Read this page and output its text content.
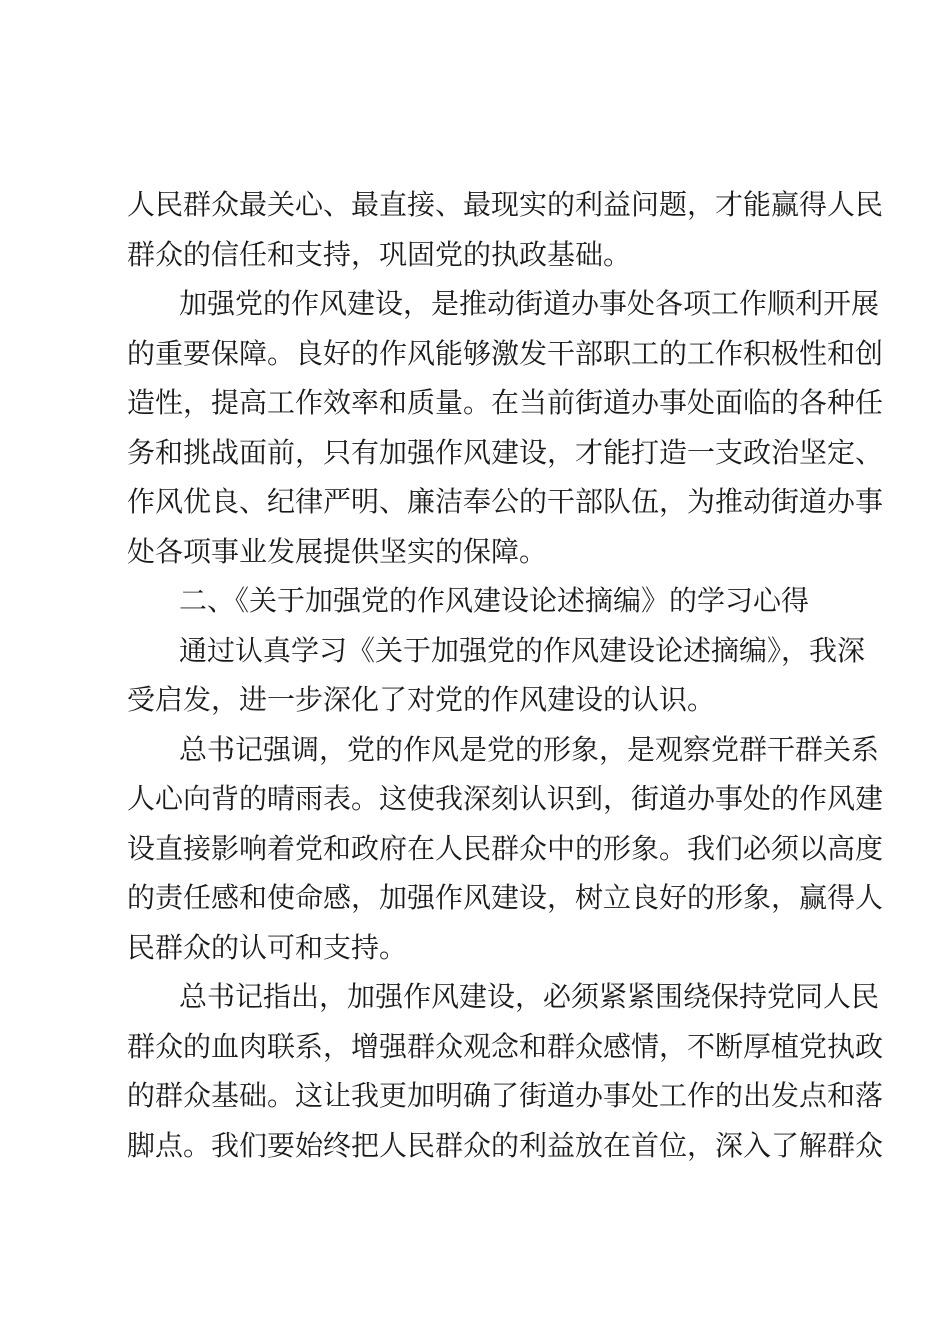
人民群众最关心、最直接、最现实的利益问题，才能赢得人民
群众的信任和支持，巩固党的执政基础。
加强党的作风建设，是推动街道办事处各项工作顺利开展
的重要保障。良好的作风能够激发干部职工的工作积极性和创
造性，提高工作效率和质量。在当前街道办事处面临的各种任
务和挑战面前，只有加强作风建设，才能打造一支政治坚定、
作风优良、纪律严明、廉洁奉公的干部队伍，为推动街道办事
处各项事业发展提供坚实的保障。
二、《关于加强党的作风建设论述摘编》的学习心得
通过认真学习《关于加强党的作风建设论述摘编》，我深
受启发，进一步深化了对党的作风建设的认识。
总书记强调，党的作风是党的形象，是观察党群干群关系
人心向背的晴雨表。这使我深刻认识到，街道办事处的作风建
设直接影响着党和政府在人民群众中的形象。我们必须以高度
的责任感和使命感，加强作风建设，树立良好的形象，赢得人
民群众的认可和支持。
总书记指出，加强作风建设，必须紧紧围绕保持党同人民
群众的血肉联系，增强群众观念和群众感情，不断厚植党执政
的群众基础。这让我更加明确了街道办事处工作的出发点和落
脚点。我们要始终把人民群众的利益放在首位，深入了解群众
